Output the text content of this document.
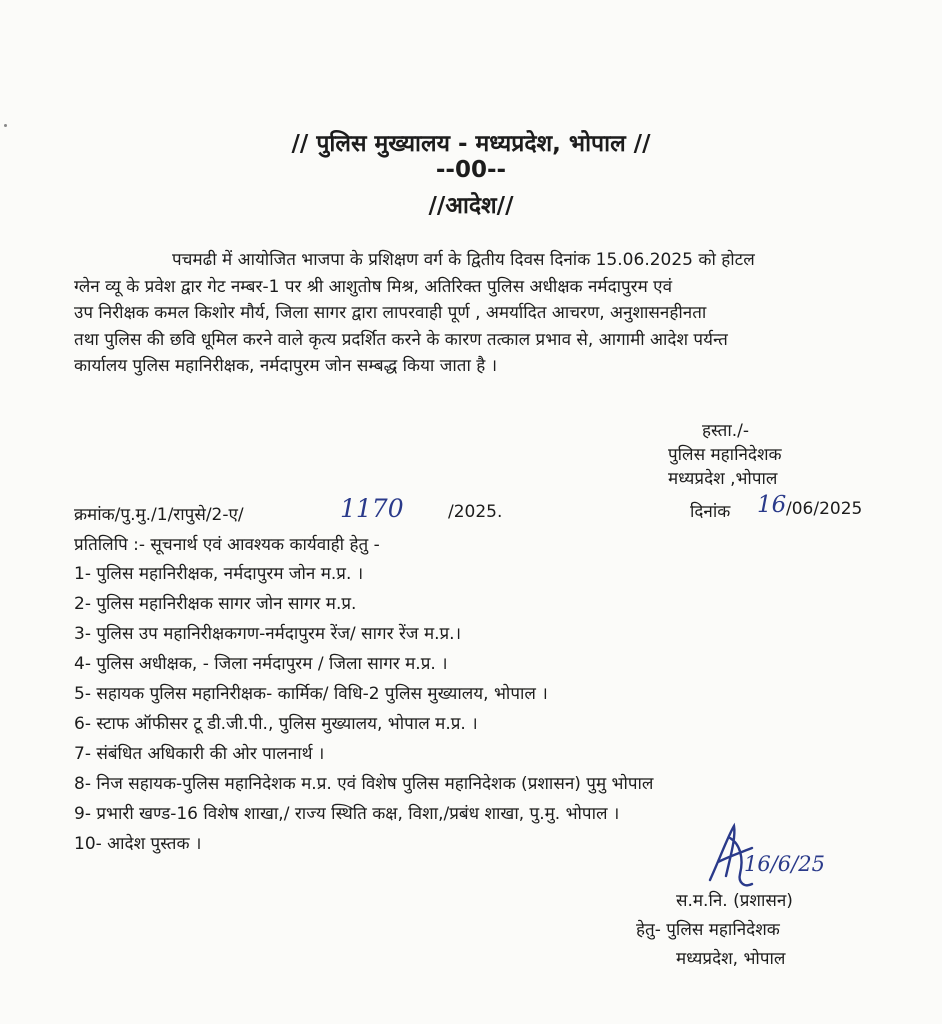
// पुलिस मुख्यालय - मध्यप्रदेश, भोपाल //
--00--
//आदेश//

पचमढी में आयोजित भाजपा के प्रशिक्षण वर्ग के द्वितीय दिवस दिनांक 15.06.2025 को होटल

ग्लेन व्यू के प्रवेश द्वार गेट नम्बर-1 पर श्री आशुतोष मिश्र, अतिरिक्त पुलिस अधीक्षक नर्मदापुरम एवं

उप निरीक्षक कमल किशोर मौर्य, जिला सागर द्वारा लापरवाही पूर्ण , अमर्यादित आचरण, अनुशासनहीनता

तथा पुलिस की छवि धूमिल करने वाले कृत्य प्रदर्शित करने के कारण तत्काल प्रभाव से, आगामी आदेश पर्यन्त

कार्यालय पुलिस महानिरीक्षक, नर्मदापुरम जोन सम्बद्ध किया जाता है ।

हस्ता./-
पुलिस महानिदेशक
मध्यप्रदेश ,भोपाल
क्रमांक/पु.मु./1/रापुसे/2-ए/	1170	/2025.	दिनांक 16 /06/2025
प्रतिलिपि :- सूचनार्थ एवं आवश्यक कार्यवाही हेतु -
1- पुलिस महानिरीक्षक, नर्मदापुरम जोन म.प्र. ।
2- पुलिस महानिरीक्षक सागर जोन सागर म.प्र.
3- पुलिस उप महानिरीक्षकगण-नर्मदापुरम रेंज/ सागर रेंज म.प्र.।
4- पुलिस अधीक्षक, - जिला नर्मदापुरम / जिला सागर म.प्र. ।
5- सहायक पुलिस महानिरीक्षक- कार्मिक/ विधि-2 पुलिस मुख्यालय, भोपाल ।
6- स्टाफ ऑफीसर टू डी.जी.पी., पुलिस मुख्यालय, भोपाल म.प्र. ।
7- संबंधित अधिकारी की ओर पालनार्थ ।
8- निज सहायक-पुलिस महानिदेशक म.प्र. एवं विशेष पुलिस महानिदेशक (प्रशासन) पुमु भोपाल
9- प्रभारी खण्ड-16 विशेष शाखा,/ राज्य स्थिति कक्ष, विशा,/प्रबंध शाखा, पु.मु. भोपाल ।
10- आदेश पुस्तक ।
16/6/25
स.म.नि. (प्रशासन)
हेतु- पुलिस महानिदेशक
मध्यप्रदेश, भोपाल
